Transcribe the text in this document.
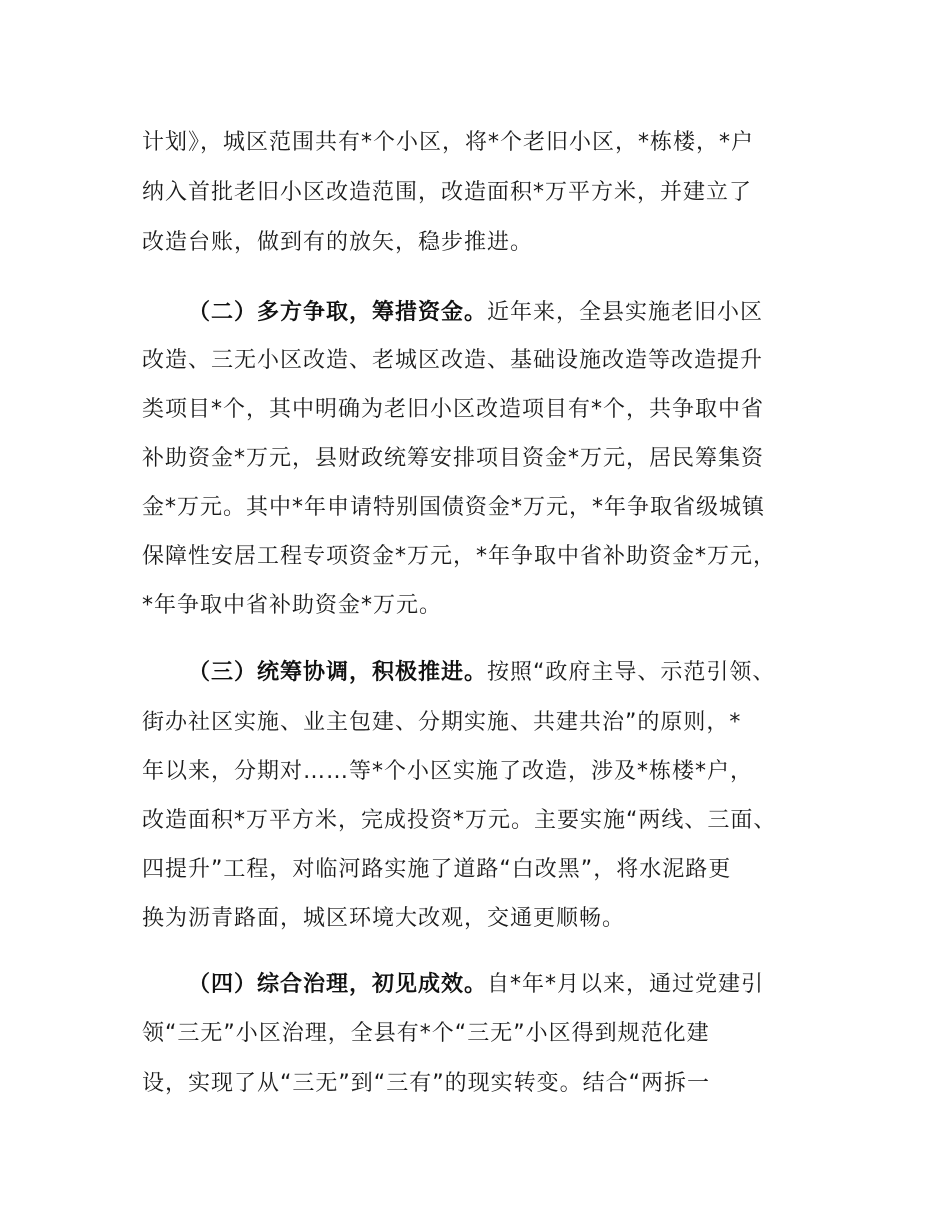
计划》，城区范围共有*个小区，将*个老旧小区，*栋楼，*户
纳入首批老旧小区改造范围，改造面积*万平方米，并建立了
改造台账，做到有的放矢，稳步推进。
（二）多方争取，筹措资金。近年来，全县实施老旧小区
改造、三无小区改造、老城区改造、基础设施改造等改造提升
类项目*个，其中明确为老旧小区改造项目有*个，共争取中省
补助资金*万元，县财政统筹安排项目资金*万元，居民筹集资
金*万元。其中*年申请特别国债资金*万元，*年争取省级城镇
保障性安居工程专项资金*万元，*年争取中省补助资金*万元，
*年争取中省补助资金*万元。
（三）统筹协调，积极推进。按照“政府主导、示范引领、
街办社区实施、业主包建、分期实施、共建共治”的原则，*
年以来，分期对……等*个小区实施了改造，涉及*栋楼*户，
改造面积*万平方米，完成投资*万元。主要实施“两线、三面、
四提升”工程，对临河路实施了道路“白改黑”，将水泥路更
换为沥青路面，城区环境大改观，交通更顺畅。
（四）综合治理，初见成效。自*年*月以来，通过党建引
领“三无”小区治理，全县有*个“三无”小区得到规范化建
设，实现了从“三无”到“三有”的现实转变。结合“两拆一
